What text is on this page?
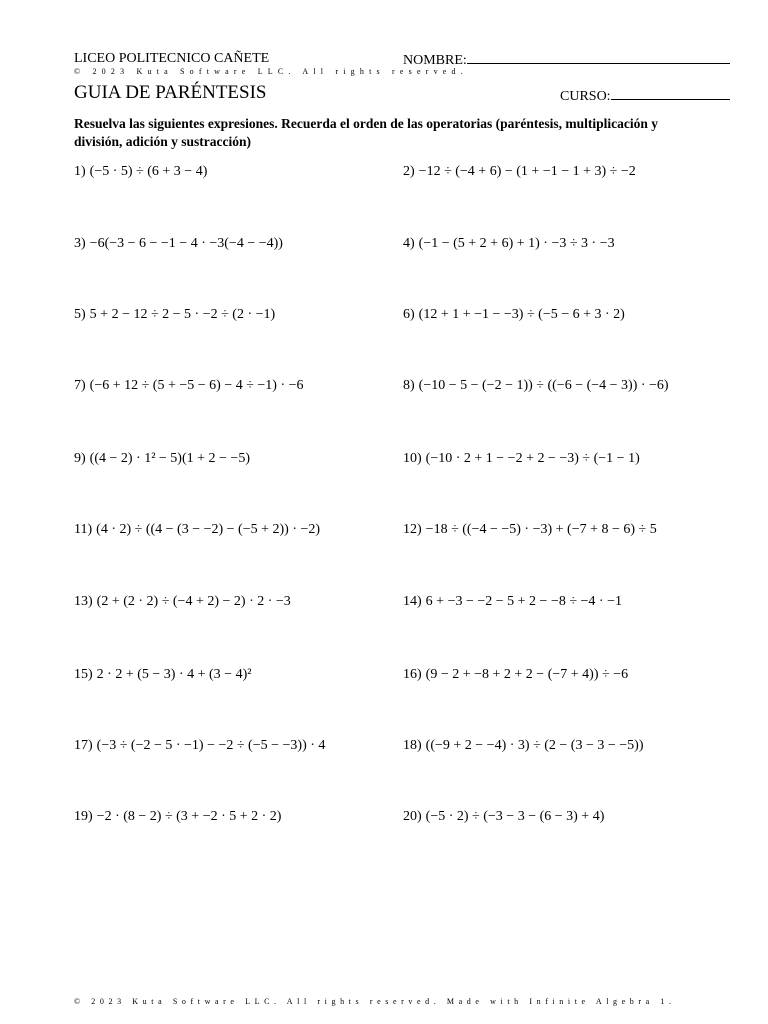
LICEO POLITECNICO CAÑETE	NOMBRE:
© 2023 Kuta Software LLC. All rights reserved.
GUIA DE PARÉNTESIS	CURSO:
Resuelva las siguientes expresiones. Recuerda el orden de las operatorias (paréntesis, multiplicación y división, adición y sustracción)
1) (−5 · 5) ÷ (6 + 3 − 4)
3) −6(−3 − 6 − −1 − 4 · −3(−4 − −4))
5) 5 + 2 − 12 ÷ 2 − 5 · −2 ÷ (2 · −1)
7) (−6 + 12 ÷ (5 + −5 − 6) − 4 ÷ −1) · −6
9) ((4 − 2) · 1² − 5)(1 + 2 − −5)
11) (4 · 2) ÷ ((4 − (3 − −2) − (−5 + 2)) · −2)
13) (2 + (2 · 2) ÷ (−4 + 2) − 2) · 2 · −3
15) 2 · 2 + (5 − 3) · 4 + (3 − 4)²
17) (−3 ÷ (−2 − 5 · −1) − −2 ÷ (−5 − −3)) · 4
19) −2 · (8 − 2) ÷ (3 + −2 · 5 + 2 · 2)
2) −12 ÷ (−4 + 6) − (1 + −1 − 1 + 3) ÷ −2
4) (−1 − (5 + 2 + 6) + 1) · −3 ÷ 3 · −3
6) (12 + 1 + −1 − −3) ÷ (−5 − 6 + 3 · 2)
8) (−10 − 5 − (−2 − 1)) ÷ ((−6 − (−4 − 3)) · −6)
10) (−10 · 2 + 1 − −2 + 2 − −3) ÷ (−1 − 1)
12) −18 ÷ ((−4 − −5) · −3) + (−7 + 8 − 6) ÷ 5
14) 6 + −3 − −2 − 5 + 2 − −8 ÷ −4 · −1
16) (9 − 2 + −8 + 2 + 2 − (−7 + 4)) ÷ −6
18) ((−9 + 2 − −4) · 3) ÷ (2 − (3 − 3 − −5))
20) (−5 · 2) ÷ (−3 − 3 − (6 − 3) + 4)
© 2023 Kuta Software LLC. All rights reserved. Made with Infinite Algebra 1.
